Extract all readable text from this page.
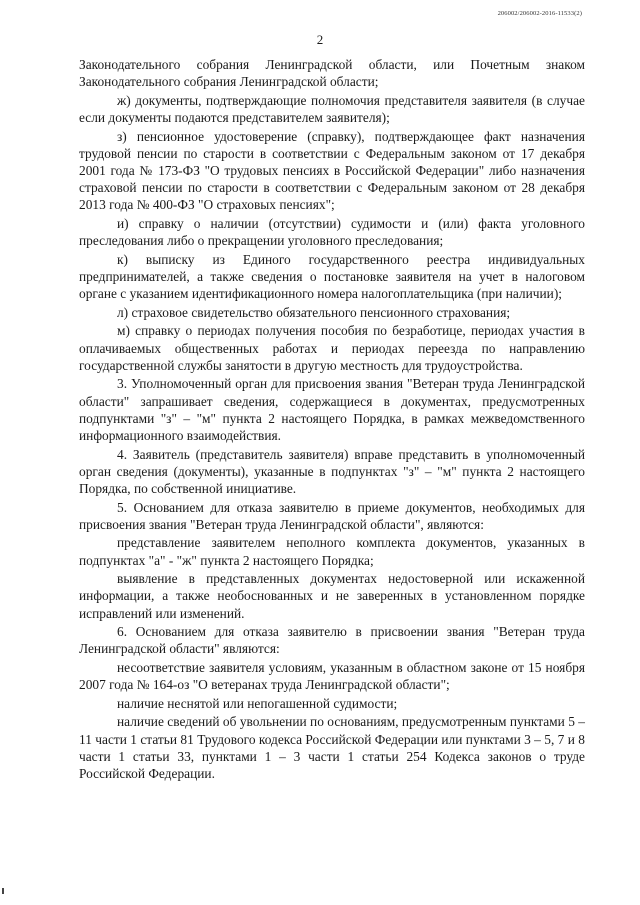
206002/206002-2016-11533(2)
2

Законодательного собрания Ленинградской области, или Почетным знаком Законодательного собрания Ленинградской области;

ж) документы, подтверждающие полномочия представителя заявителя (в случае если документы подаются представителем заявителя);

з) пенсионное удостоверение (справку), подтверждающее факт назначения трудовой пенсии по старости в соответствии с Федеральным законом от 17 декабря 2001 года № 173-ФЗ "О трудовых пенсиях в Российской Федерации" либо назначения страховой пенсии по старости в соответствии с Федеральным законом от 28 декабря 2013 года № 400-ФЗ "О страховых пенсиях";

и) справку о наличии (отсутствии) судимости и (или) факта уголовного преследования либо о прекращении уголовного преследования;

к) выписку из Единого государственного реестра индивидуальных предпринимателей, а также сведения о постановке заявителя на учет в налоговом органе с указанием идентификационного номера налогоплательщика (при наличии);

л) страховое свидетельство обязательного пенсионного страхования;

м) справку о периодах получения пособия по безработице, периодах участия в оплачиваемых общественных работах и периодах переезда по направлению государственной службы занятости в другую местность для трудоустройства.

3. Уполномоченный орган для присвоения звания "Ветеран труда Ленинградской области" запрашивает сведения, содержащиеся в документах, предусмотренных подпунктами "з" – "м" пункта 2 настоящего Порядка, в рамках межведомственного информационного взаимодействия.

4. Заявитель (представитель заявителя) вправе представить в уполномоченный орган сведения (документы), указанные в подпунктах "з" – "м" пункта 2 настоящего Порядка, по собственной инициативе.

5. Основанием для отказа заявителю в приеме документов, необходимых для присвоения звания "Ветеран труда Ленинградской области", являются:

представление заявителем неполного комплекта документов, указанных в подпунктах "а" - "ж" пункта 2 настоящего Порядка;

выявление в представленных документах недостоверной или искаженной информации, а также необоснованных и не заверенных в установленном порядке исправлений или изменений.

6. Основанием для отказа заявителю в присвоении звания "Ветеран труда Ленинградской области" являются:

несоответствие заявителя условиям, указанным в областном законе от 15 ноября 2007 года № 164-оз "О ветеранах труда Ленинградской области";

наличие неснятой или непогашенной судимости;

наличие сведений об увольнении по основаниям, предусмотренным пунктами 5 – 11 части 1 статьи 81 Трудового кодекса Российской Федерации или пунктами 3 – 5, 7 и 8 части 1 статьи 33, пунктами 1 – 3 части 1 статьи 254 Кодекса законов о труде Российской Федерации.
